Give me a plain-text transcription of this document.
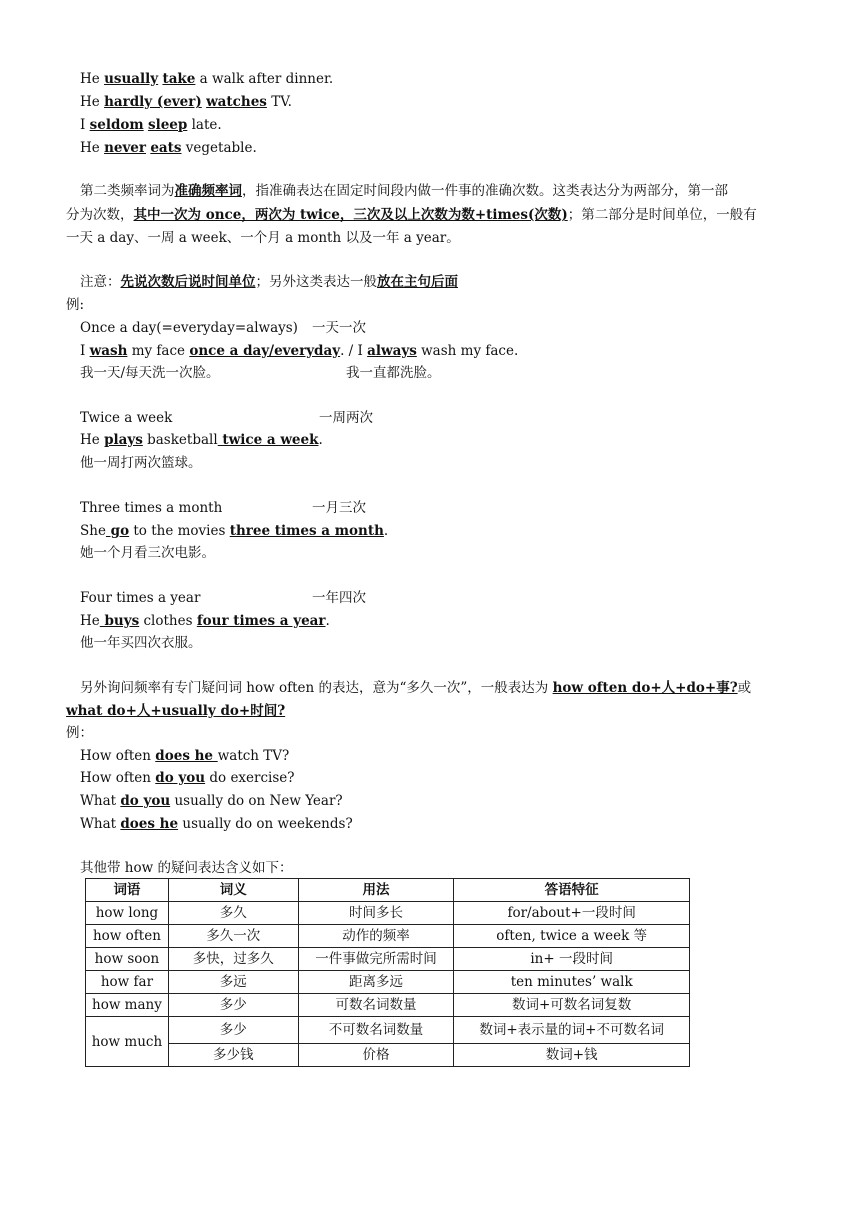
He usually take a walk after dinner.
He hardly (ever) watches TV.
I seldom sleep late.
He never eats vegetable.
第二类频率词为准确频率词，指准确表达在固定时间段内做一件事的准确次数。这类表达分为两部分，第一部
分为次数，其中一次为 once，两次为 twice，三次及以上次数为数+times(次数)；第二部分是时间单位，一般有
一天 a day、一周 a week、一个月 a month 以及一年 a year。
注意：先说次数后说时间单位；另外这类表达一般放在主句后面
例:
Once a day(=everyday=always) 一天一次
I wash my face once a day/everyday. / I always wash my face.
我一天/每天洗一次脸。	我一直都洗脸。
Twice a week	一周两次
He plays basketball twice a week.
他一周打两次篮球。
Three times a month	一月三次
She go to the movies three times a month.
她一个月看三次电影。
Four times a year	一年四次
He buys clothes four times a year.
他一年买四次衣服。
另外询问频率有专门疑问词 how often 的表达，意为“多久一次”，一般表达为 how often do+人+do+事?或
what do+人+usually do+时间?
例：
How often does he watch TV?
How often do you do exercise?
What do you usually do on New Year?
What does he usually do on weekends?
其他带 how 的疑问表达含义如下：
词语	词义	用法	答语特征
how long	多久	时间多长	for/about+一段时间
how often	多久一次	动作的频率	often, twice a week 等
how soon	多快，过多久	一件事做完所需时间	in+ 一段时间
how far	多远	距离多远	ten minutes’ walk
how many	多少	可数名词数量	数词+可数名词复数
how much	多少	不可数名词数量	数词+表示量的词+不可数名词
	多少钱	价格	数词+钱
